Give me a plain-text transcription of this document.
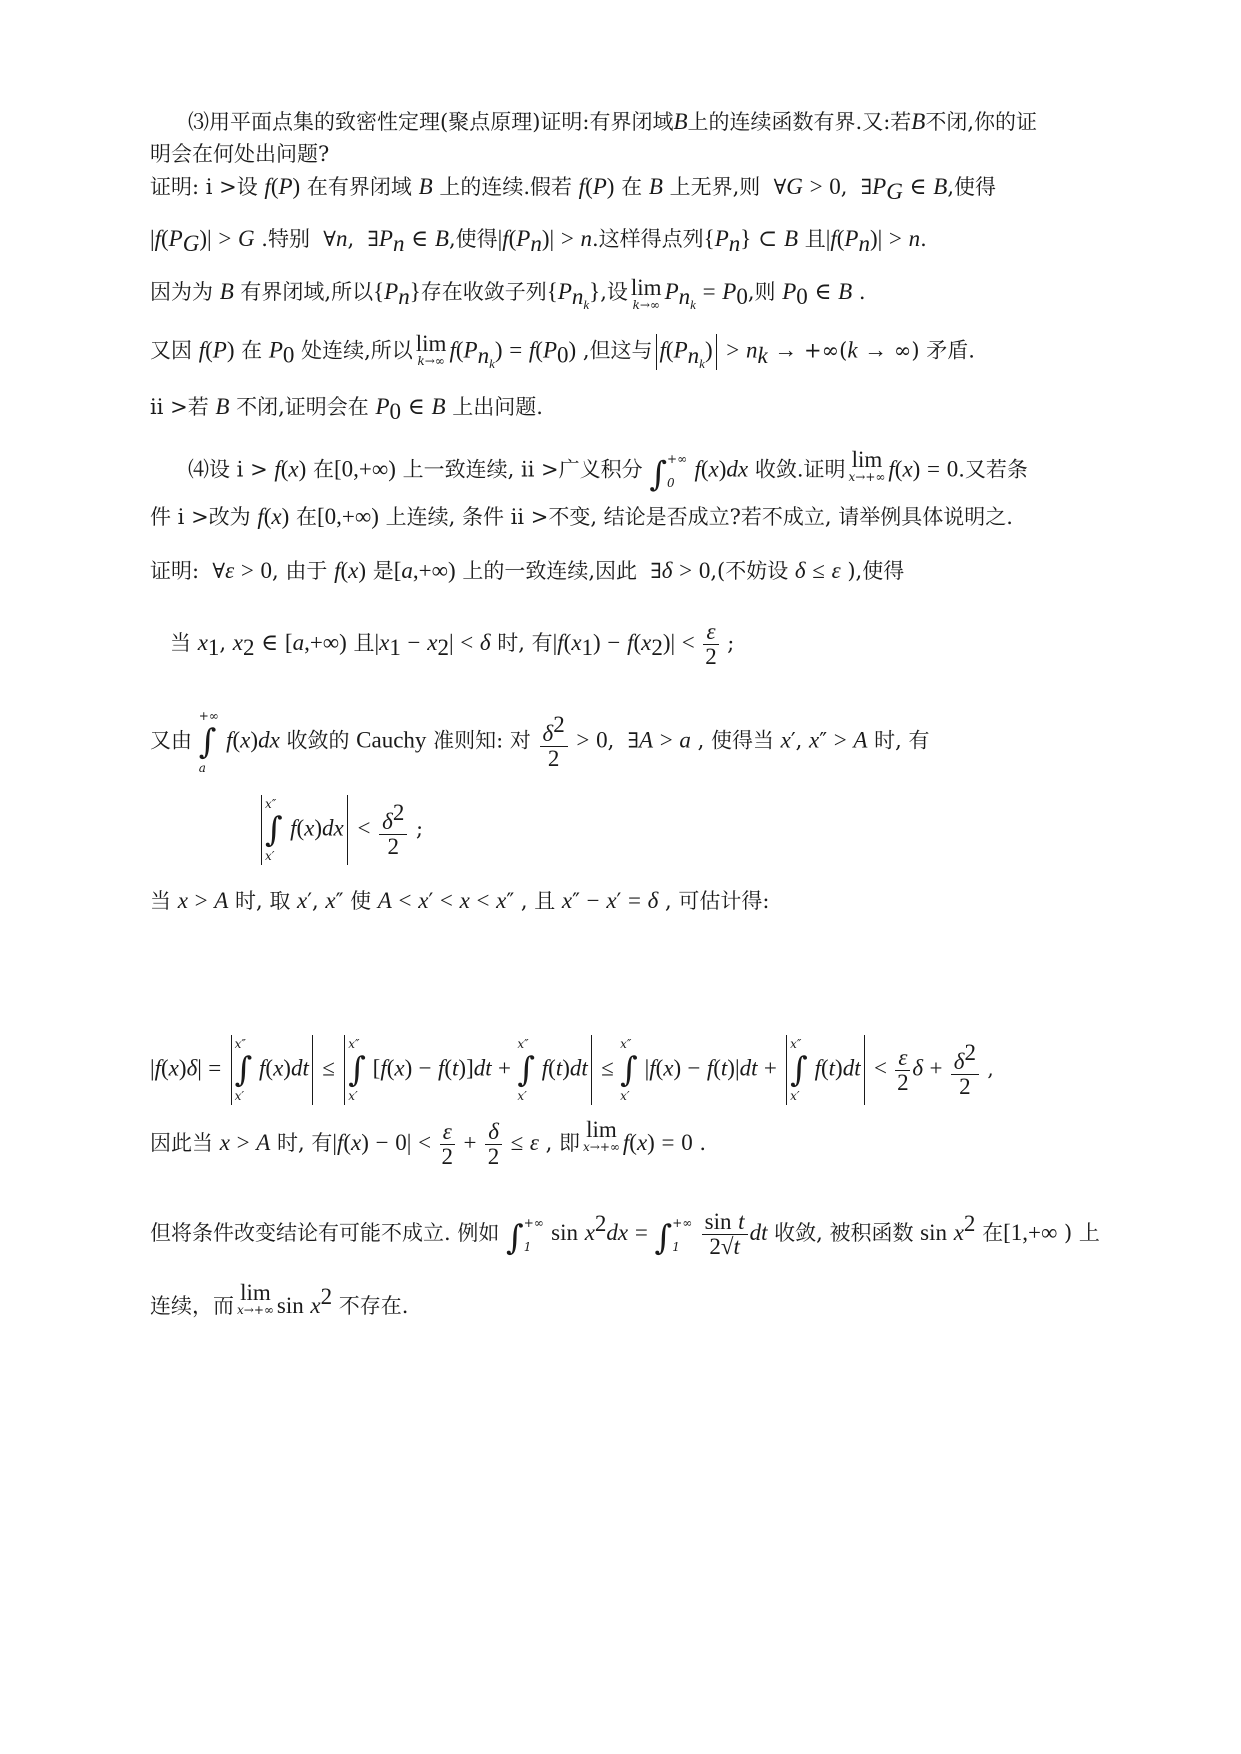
⑶用平面点集的致密性定理(聚点原理)证明:有界闭域B上的连续函数有界.又:若B不闭,你的证
明会在何处出问题?
证明: ⅰ >设 f(P) 在有界闭域 B 上的连续.假若 f(P) 在 B 上无界,则  ∀G > 0,  $\exists P_G$ ∈ B,使得
$|f(P_G)| > G$ .特别  ∀n,  $\exists P_n$ ∈ B,使得$|f(P_n)| > n$.这样得点列$\{P_n\}$ ⊂ B 且$|f(P_n)| > n$.
因为为 B 有界闭域,所以$\{P_n\}$存在收敛子列$\{P_{n_k}\}$,设 lim
k→∞
$P_{n_k} = P_0$,则 $P_0$ ∈ B .
又因 f(P) 在 $P_0$ 处连续,所以 lim
k→∞ $f(P_{n_k}) = f(P_0)$ ,但这与 $f(P_{n_k}) > n_k \to +\infty(k$ → ∞) 矛盾.
ⅱ >若 B 不闭,证明会在 $P_0$ ∈ B 上出问题.
⑷设 ⅰ > f(x) 在[0,+∞) 上一致连续, ⅱ >广义积分 ∫ +∞
0
f(x)dx 收敛.证明 lim
x→+∞ f(x) = 0.又若条
件 ⅰ >改为 f(x) 在[0,+∞) 上连续, 条件 ⅱ >不变, 结论是否成立?若不成立, 请举例具体说明之.
证明:  ∀ε > 0, 由于 f(x) 是[a,+∞) 上的一致连续,因此  ∃δ > 0,(不妨设 δ ≤ ε ),使得
当 $x_1$, $x_2$ ∈ [a,+∞) 且$|x_1 - x_2| < \delta$ 时, 有$|f(x_1) - f(x_2)| < \frac{\varepsilon}{2}$ ;
又由
+∞
∫
a
f(x)dx 收敛的 Cauchy 准则知: 对 $\frac{\delta^2}{2} > 0$,  ∃A > a , 使得当 x′, x″ > A 时, 有
x″
∫
x′
$f(x)dx < \frac{\delta^2}{2}$ ;
当 x > A 时, 取 x′, x″ 使 A < x′ < x < x″ , 且 x″ − x′ = δ , 可估计得:
|f(x)δ| =
x″
∫
x′
f(x)dt ≤
x″
∫
x′
[f(x) − f(t)]dt +
x″
∫
x′
f(t)dt ≤
x″
∫
x′
|f(x) − f(t)|dt +
x″
∫
x′
$f(t)dt < \frac{\varepsilon}{2}$ $\delta + \frac{\delta^2}{2}$ ,
因此当 x > A 时, 有$|f(x) - 0| < \frac{\varepsilon}{2} + \frac{\delta}{2} \le \varepsilon$ , 即
lim
x→+∞ f(x) = 0 .
但将条件改变结论有可能不成立. 例如 ∫ +∞
1
$\sin x^2dx$ = ∫ +∞
1
$\frac{\text{sin t}}{2√t}$ dt 收敛, 被积函数 $\sin x^2$ 在[1,+∞ ) 上
连续，而
lim
x→+∞ $\sin x^2$ 不存在.
